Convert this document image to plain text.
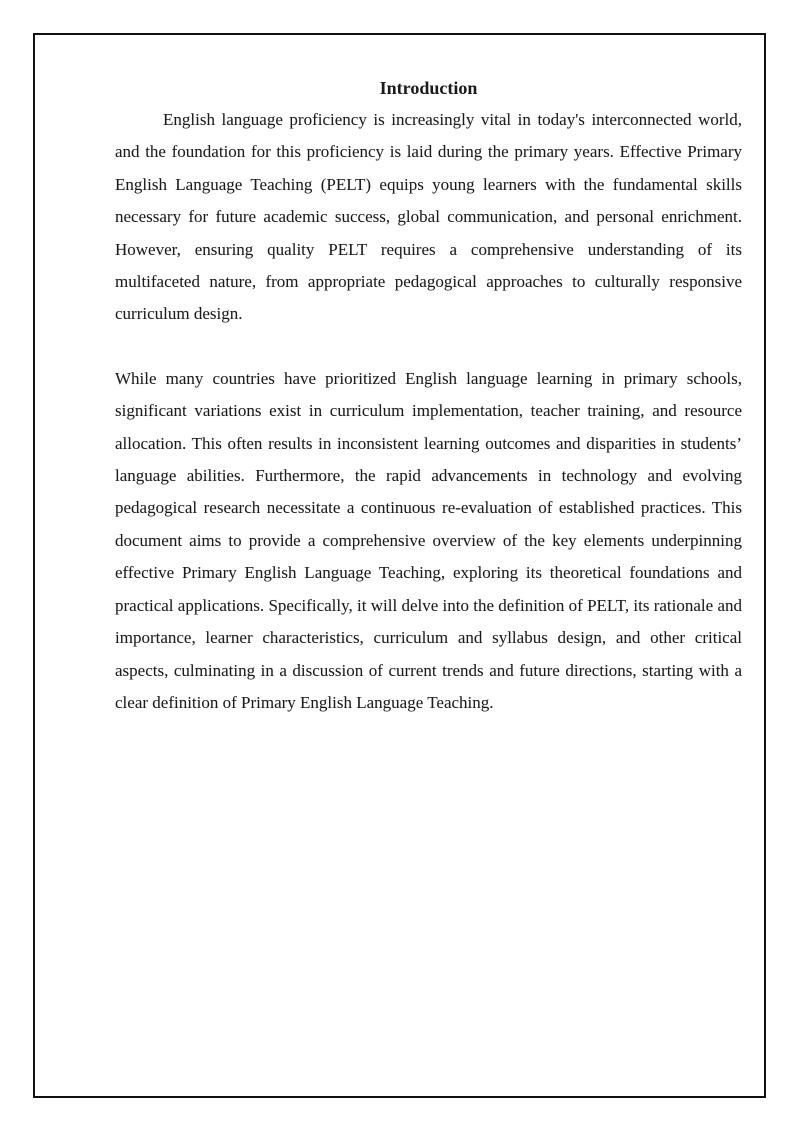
Introduction

English language proficiency is increasingly vital in today's interconnected world, and the foundation for this proficiency is laid during the primary years. Effective Primary English Language Teaching (PELT) equips young learners with the fundamental skills necessary for future academic success, global communication, and personal enrichment. However, ensuring quality PELT requires a comprehensive understanding of its multifaceted nature, from appropriate pedagogical approaches to culturally responsive curriculum design.

While many countries have prioritized English language learning in primary schools, significant variations exist in curriculum implementation, teacher training, and resource allocation. This often results in inconsistent learning outcomes and disparities in students’ language abilities. Furthermore, the rapid advancements in technology and evolving pedagogical research necessitate a continuous re-evaluation of established practices. This document aims to provide a comprehensive overview of the key elements underpinning effective Primary English Language Teaching, exploring its theoretical foundations and practical applications. Specifically, it will delve into the definition of PELT, its rationale and importance, learner characteristics, curriculum and syllabus design, and other critical aspects, culminating in a discussion of current trends and future directions, starting with a clear definition of Primary English Language Teaching.
